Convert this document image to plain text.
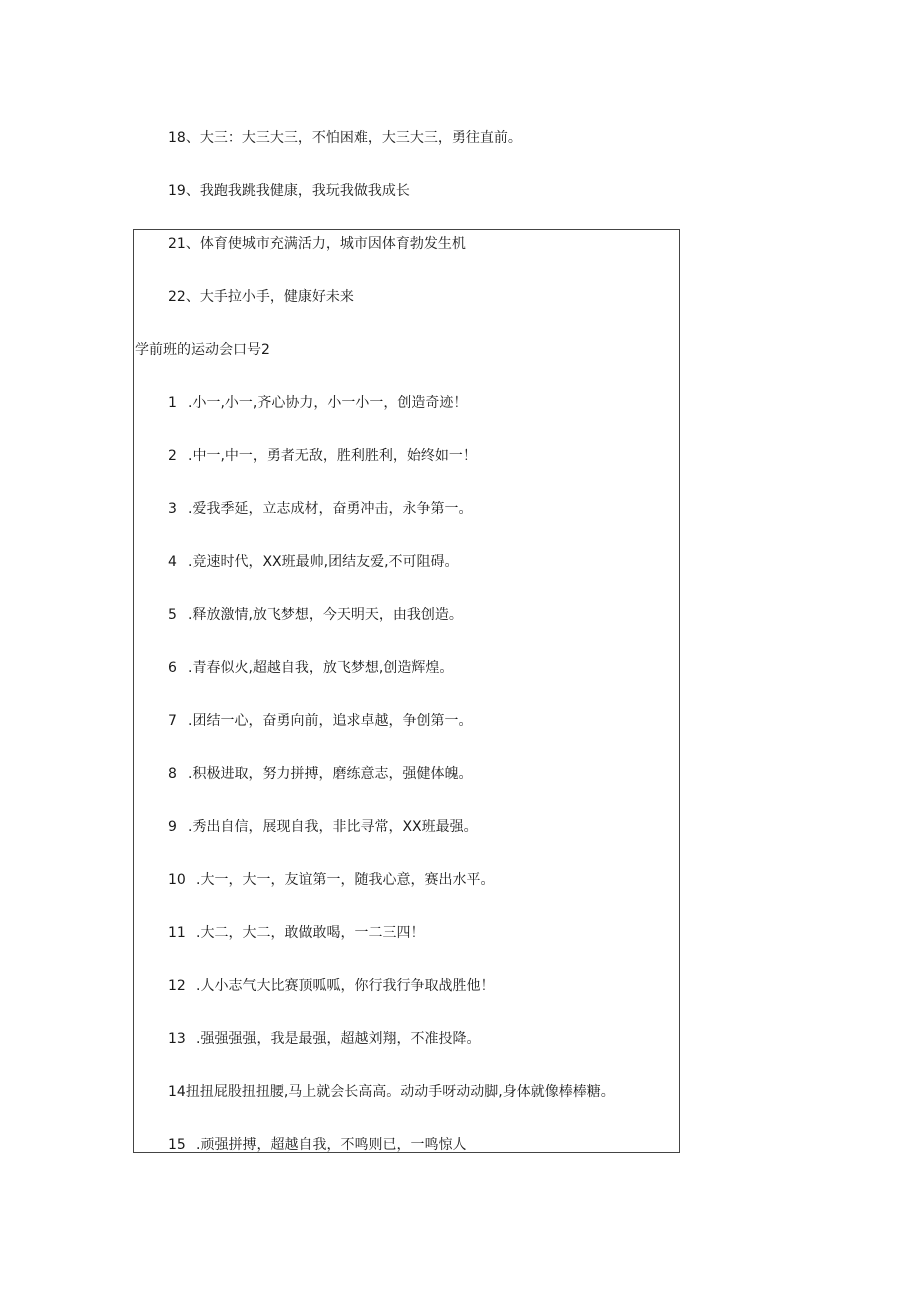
18、大三：大三大三，不怕困难，大三大三，勇往直前。
19、我跑我跳我健康，我玩我做我成长
21、体育使城市充满活力，城市因体育勃发生机
22、大手拉小手，健康好未来
学前班的运动会口号2
1 .小一,小一,齐心协力，小一小一，创造奇迹！
2 .中一,中一，勇者无敌，胜利胜利，始终如一！
3 .爱我季延，立志成材，奋勇冲击，永争第一。
4 .竞速时代，XX班最帅,团结友爱,不可阻碍。
5 .释放激情,放飞梦想，今天明天，由我创造。
6 .青春似火,超越自我，放飞梦想,创造辉煌。
7 .团结一心，奋勇向前，追求卓越，争创第一。
8 .积极进取，努力拼搏，磨练意志，强健体魄。
9 .秀出自信，展现自我，非比寻常，XX班最强。
10 .大一，大一，友谊第一，随我心意，赛出水平。
11 .大二，大二，敢做敢喝，一二三四！
12 .人小志气大比赛顶呱呱，你行我行争取战胜他！
13 .强强强强，我是最强，超越刘翔，不准投降。
14扭扭屁股扭扭腰,马上就会长高高。动动手呀动动脚,身体就像棒棒糖。
15 .顽强拼搏，超越自我，不鸣则已，一鸣惊人
